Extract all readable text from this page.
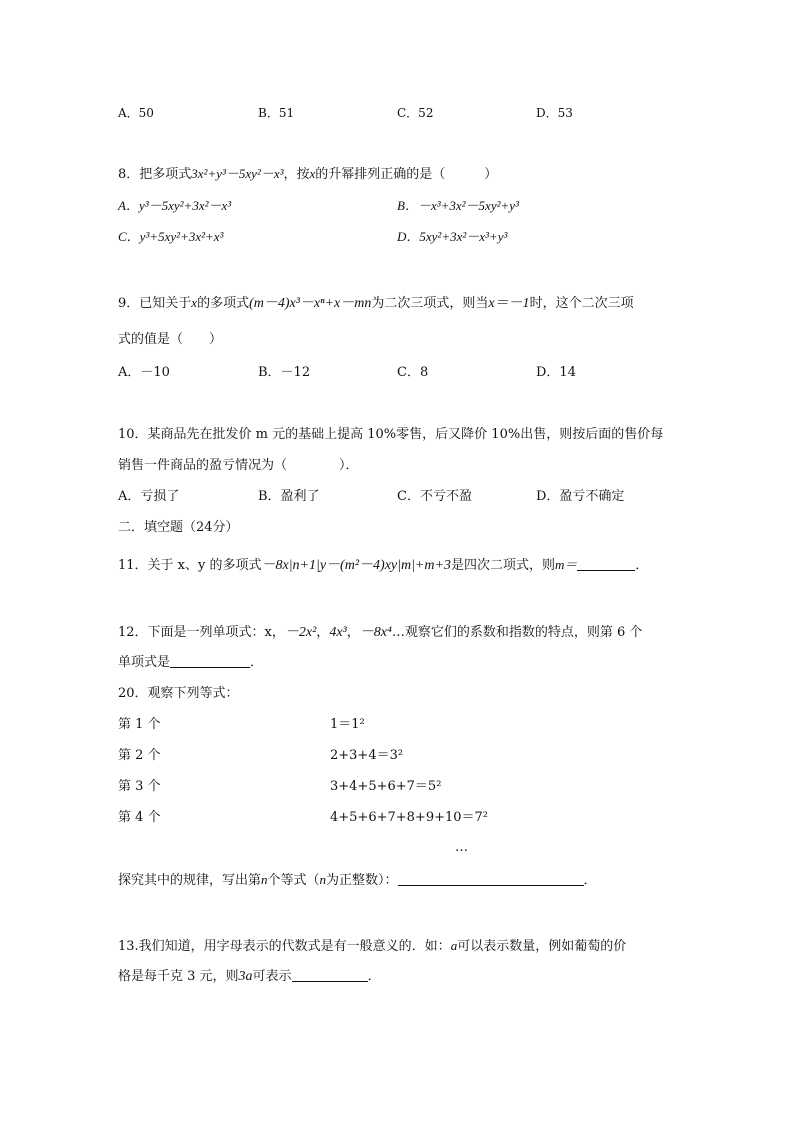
A．50	B．51	C．52	D．53
8．把多项式3x²+y³－5xy²－x³，按x的升幂排列正确的是（　　　）
A．y³－5xy²+3x²－x³	B．－x³+3x²－5xy²+y³
C．y³+5xy²+3x²+x³	D．5xy²+3x²－x³+y³
9．已知关于x的多项式(m－4)x³－xⁿ+x－mn为二次三项式，则当x＝－1时，这个二次三项
式的值是（　　）
A．－10	B．－12	C．8	D．14
10．某商品先在批发价 m 元的基础上提高 10%零售，后又降价 10%出售，则按后面的售价每
销售一件商品的盈亏情况为（　　　　）．
A．亏损了	B．盈利了	C．不亏不盈	D．盈亏不确定
二．填空题（24分）
11．关于 x、y 的多项式－8x|n+1|y－(m²－4)xy|m|+m+3是四次二项式，则m＝	．
12．下面是一列单项式：x，－2x²，4x³，－8x⁴…观察它们的系数和指数的特点，则第 6 个
单项式是	．
20．观察下列等式：
第 1 个	1＝1²
第 2 个	2+3+4＝3²
第 3 个	3+4+5+6+7＝5²
第 4 个	4+5+6+7+8+9+10＝7²
…
探究其中的规律，写出第n个等式（n为正整数）：	．
13.我们知道，用字母表示的代数式是有一般意义的．如：a可以表示数量，例如葡萄的价
格是每千克 3 元，则3a可表示	．
